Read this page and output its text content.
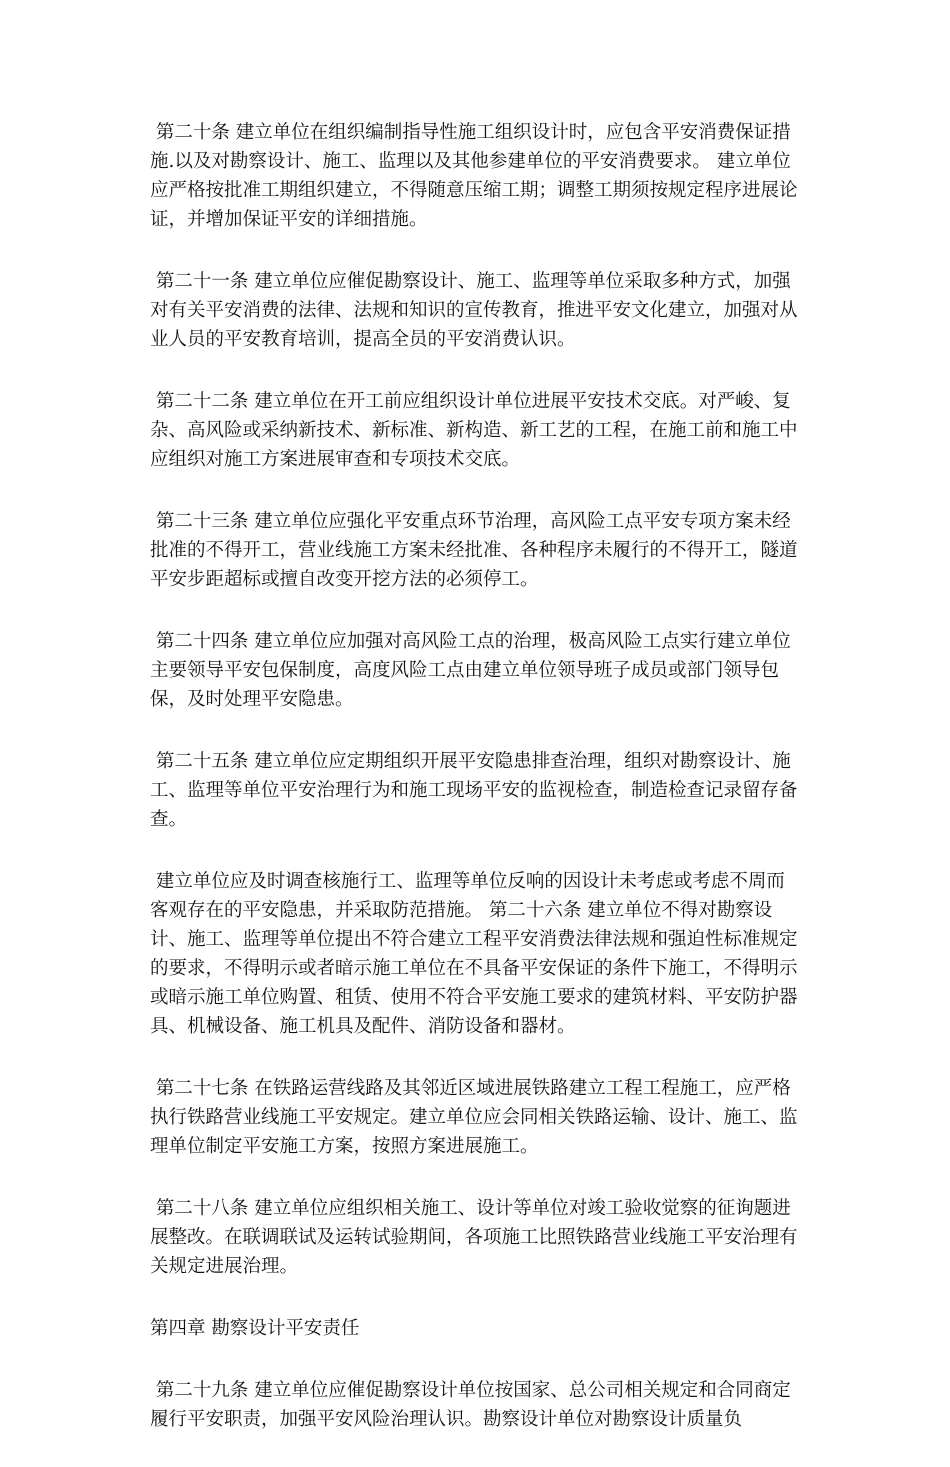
第二十条 建立单位在组织编制指导性施工组织设计时，应包含平安消费保证措施.以及对勘察设计、施工、监理以及其他参建单位的平安消费要求。 建立单位应严格按批准工期组织建立，不得随意压缩工期；调整工期须按规定程序进展论证，并增加保证平安的详细措施。

第二十一条 建立单位应催促勘察设计、施工、监理等单位采取多种方式，加强对有关平安消费的法律、法规和知识的宣传教育，推进平安文化建立，加强对从业人员的平安教育培训，提高全员的平安消费认识。

第二十二条 建立单位在开工前应组织设计单位进展平安技术交底。对严峻、复杂、高风险或采纳新技术、新标准、新构造、新工艺的工程，在施工前和施工中应组织对施工方案进展审查和专项技术交底。

第二十三条 建立单位应强化平安重点环节治理，高风险工点平安专项方案未经批准的不得开工，营业线施工方案未经批准、各种程序未履行的不得开工，隧道平安步距超标或擅自改变开挖方法的必须停工。

第二十四条 建立单位应加强对高风险工点的治理，极高风险工点实行建立单位主要领导平安包保制度，高度风险工点由建立单位领导班子成员或部门领导包保，及时处理平安隐患。

第二十五条 建立单位应定期组织开展平安隐患排查治理，组织对勘察设计、施工、监理等单位平安治理行为和施工现场平安的监视检查，制造检查记录留存备查。

建立单位应及时调查核施行工、监理等单位反响的因设计未考虑或考虑不周而客观存在的平安隐患，并采取防范措施。 第二十六条 建立单位不得对勘察设计、施工、监理等单位提出不符合建立工程平安消费法律法规和强迫性标准规定的要求，不得明示或者暗示施工单位在不具备平安保证的条件下施工，不得明示或暗示施工单位购置、租赁、使用不符合平安施工要求的建筑材料、平安防护器具、机械设备、施工机具及配件、消防设备和器材。

第二十七条 在铁路运营线路及其邻近区域进展铁路建立工程工程施工，应严格执行铁路营业线施工平安规定。建立单位应会同相关铁路运输、设计、施工、监理单位制定平安施工方案，按照方案进展施工。

第二十八条 建立单位应组织相关施工、设计等单位对竣工验收觉察的征询题进展整改。在联调联试及运转试验期间，各项施工比照铁路营业线施工平安治理有关规定进展治理。

第四章 勘察设计平安责任

第二十九条 建立单位应催促勘察设计单位按国家、总公司相关规定和合同商定履行平安职责，加强平安风险治理认识。勘察设计单位对勘察设计质量负
